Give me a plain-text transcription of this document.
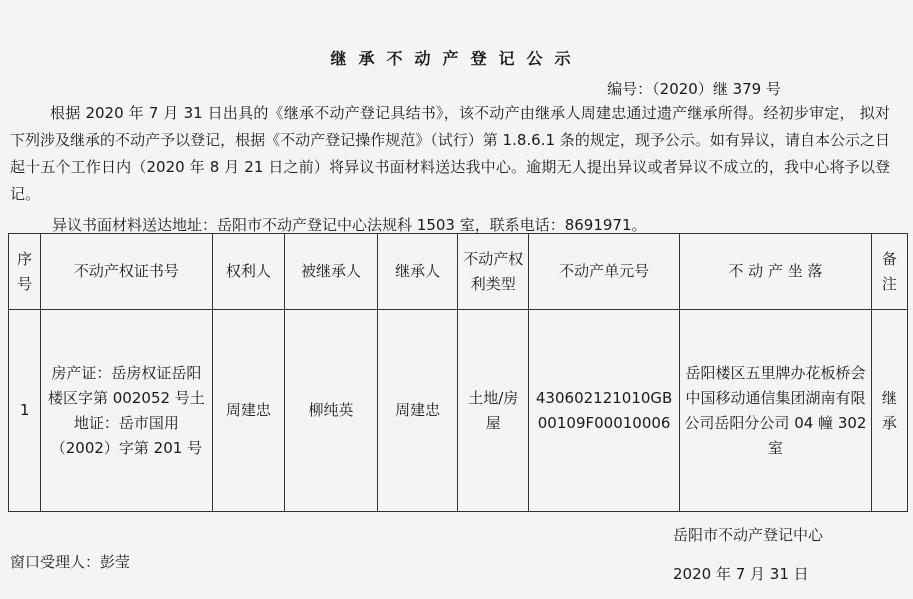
继承不动产登记公示
编号：（2020）继 379 号
根据 2020 年 7 月 31 日出具的《继承不动产登记具结书》，该不动产由继承人周建忠通过遗产继承所得。经初步审定， 拟对下列涉及继承的不动产予以登记，根据《不动产登记操作规范》（试行）第 1.8.6.1 条的规定，现予公示。如有异议，请自本公示之日起十五个工作日内（2020 年 8 月 21 日之前）将异议书面材料送达我中心。逾期无人提出异议或者异议不成立的，我中心将予以登记。
异议书面材料送达地址：岳阳市不动产登记中心法规科 1503 室，联系电话：8691971。
序号	不动产权证书号	权利人	被继承人	继承人	不动产权利类型	不动产单元号	不 动 产 坐 落	备注
1	房产证：岳房权证岳阳楼区字第 002052 号土地证：岳市国用（2002）字第 201 号	周建忠	柳纯英	周建忠	土地/房屋	430602121010GB00109F00010006	岳阳楼区五里牌办花板桥会中国移动通信集团湖南有限公司岳阳分公司 04 幢 302 室	继承
岳阳市不动产登记中心
窗口受理人：彭莹
2020 年 7 月 31 日
